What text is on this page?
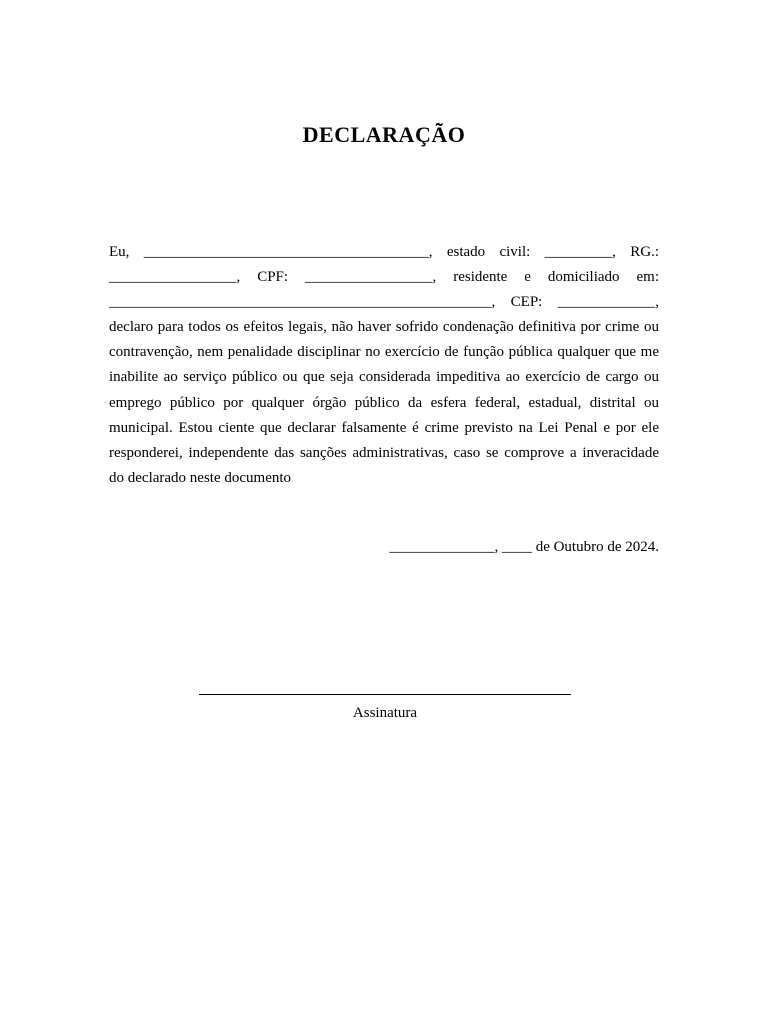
DECLARAÇÃO

Eu, ______________________________________, estado civil: _________, RG.: _________________, CPF: _________________, residente e domiciliado em: ___________________________________________________, CEP: _____________, declaro para todos os efeitos legais, não haver sofrido condenação definitiva por crime ou contravenção, nem penalidade disciplinar no exercício de função pública qualquer que me inabilite ao serviço público ou que seja considerada impeditiva ao exercício de cargo ou emprego público por qualquer órgão público da esfera federal, estadual, distrital ou municipal. Estou ciente que declarar falsamente é crime previsto na Lei Penal e por ele responderei, independente das sanções administrativas, caso se comprove a inveracidade do declarado neste documento

______________, ____ de Outubro de 2024.
Assinatura
